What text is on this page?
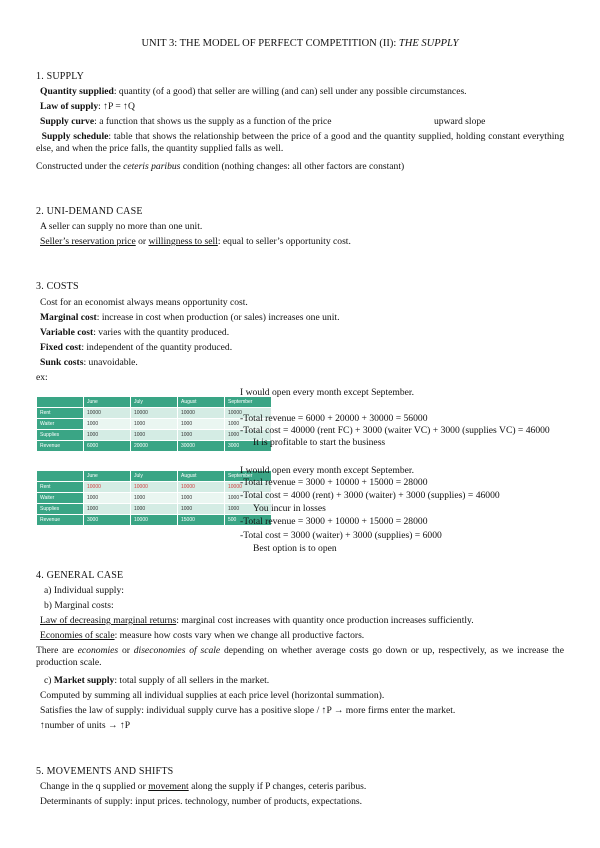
UNIT 3: THE MODEL OF PERFECT COMPETITION (II): THE SUPPLY
1. SUPPLY
Quantity supplied: quantity (of a good) that seller are willing (and can) sell under any possible circumstances.
Law of supply: ↑P = ↑Q
Supply curve: a function that shows us the supply as a function of the price	upward slope
Supply schedule: table that shows the relationship between the price of a good and the quantity supplied, holding constant everything else, and when the price falls, the quantity supplied falls as well.
Constructed under the ceteris paribus condition (nothing changes: all other factors are constant)
2. UNI-DEMAND CASE
A seller can supply no more than one unit.
Seller’s reservation price or willingness to sell: equal to seller’s opportunity cost.
3. COSTS
Cost for an economist always means opportunity cost.
Marginal cost: increase in cost when production (or sales) increases one unit.
Variable cost: varies with the quantity produced.
Fixed cost: independent of the quantity produced.
Sunk costs: unavoidable.
ex:
	June	July	August	September
Rent	10000	10000	10000	10000
Waiter	1000	1000	1000	1000
Supplies	1000	1000	1000	1000
Revenue	6000	20000	30000	3000
I would open every month except September.
-Total revenue = 6000 + 20000 + 30000 = 56000
-Total cost = 40000 (rent FC) + 3000 (waiter VC) + 3000 (supplies VC) = 46000
It is profitable to start the business
	June	July	August	September
Rent	10000	10000	10000	10000
Waiter	1000	1000	1000	1000
Supplies	1000	1000	1000	1000
Revenue	3000	10000	15000	500
I would open every month except September.
-Total revenue = 3000 + 10000 + 15000 = 28000
-Total cost = 4000 (rent) + 3000 (waiter) + 3000 (supplies) = 46000
You incur in losses
-Total revenue = 3000 + 10000 + 15000 = 28000
-Total cost = 3000 (waiter) + 3000 (supplies) = 6000
Best option is to open
4. GENERAL CASE
a) Individual supply:
b) Marginal costs:
Law of decreasing marginal returns: marginal cost increases with quantity once production increases sufficiently.
Economies of scale: measure how costs vary when we change all productive factors.
There are economies or diseconomies of scale depending on whether average costs go down or up, respectively, as we increase the production scale.
c) Market supply: total supply of all sellers in the market.
Computed by summing all individual supplies at each price level (horizontal summation).
Satisfies the law of supply: individual supply curve has a positive slope / ↑P → more firms enter the market.
↑number of units → ↑P
5. MOVEMENTS AND SHIFTS
Change in the q supplied or movement along the supply if P changes, ceteris paribus.
Determinants of supply: input prices. technology, number of products, expectations.
